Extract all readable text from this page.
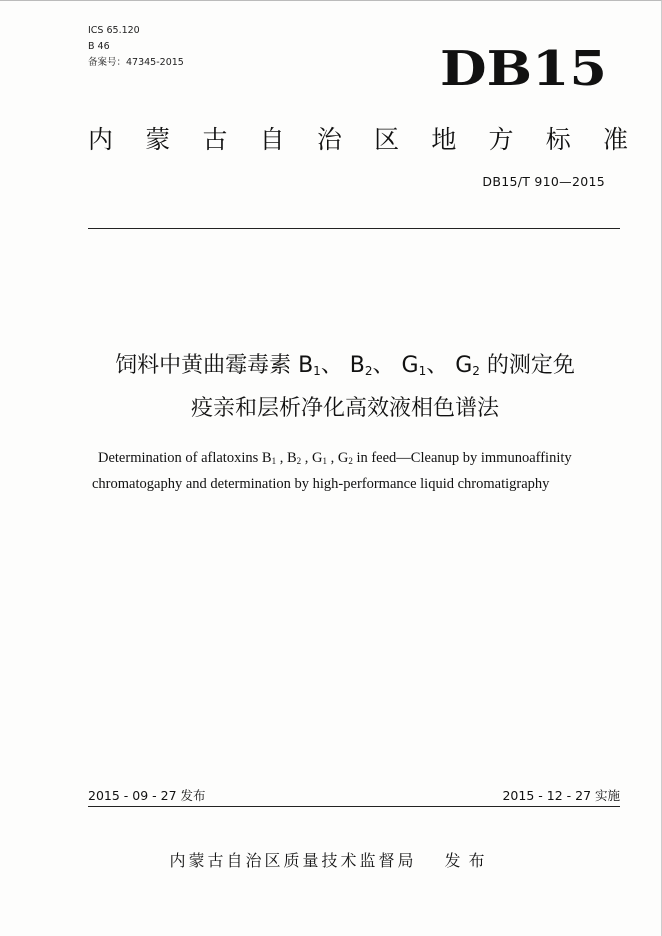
ICS 65.120
B 46
备案号：47345-2015	DB15
内 蒙 古 自 治 区 地 方 标 准
DB15/T 910—2015
饲料中黄曲霉毒素 $B_1$、 $B_2$、 $G_1$、 $G_2$ 的测定免
疫亲和层析净化高效液相色谱法
Determination of aflatoxins $B_1$ , $B_2$ , $G_1$ , $G_2$ in feed—Cleanup by immunoaffinity
chromatogaphy and determination by high-performance liquid chromatigraphy
2015 - 09 - 27 发布	2015 - 12 - 27 实施
内蒙古自治区质量技术监督局 发布
